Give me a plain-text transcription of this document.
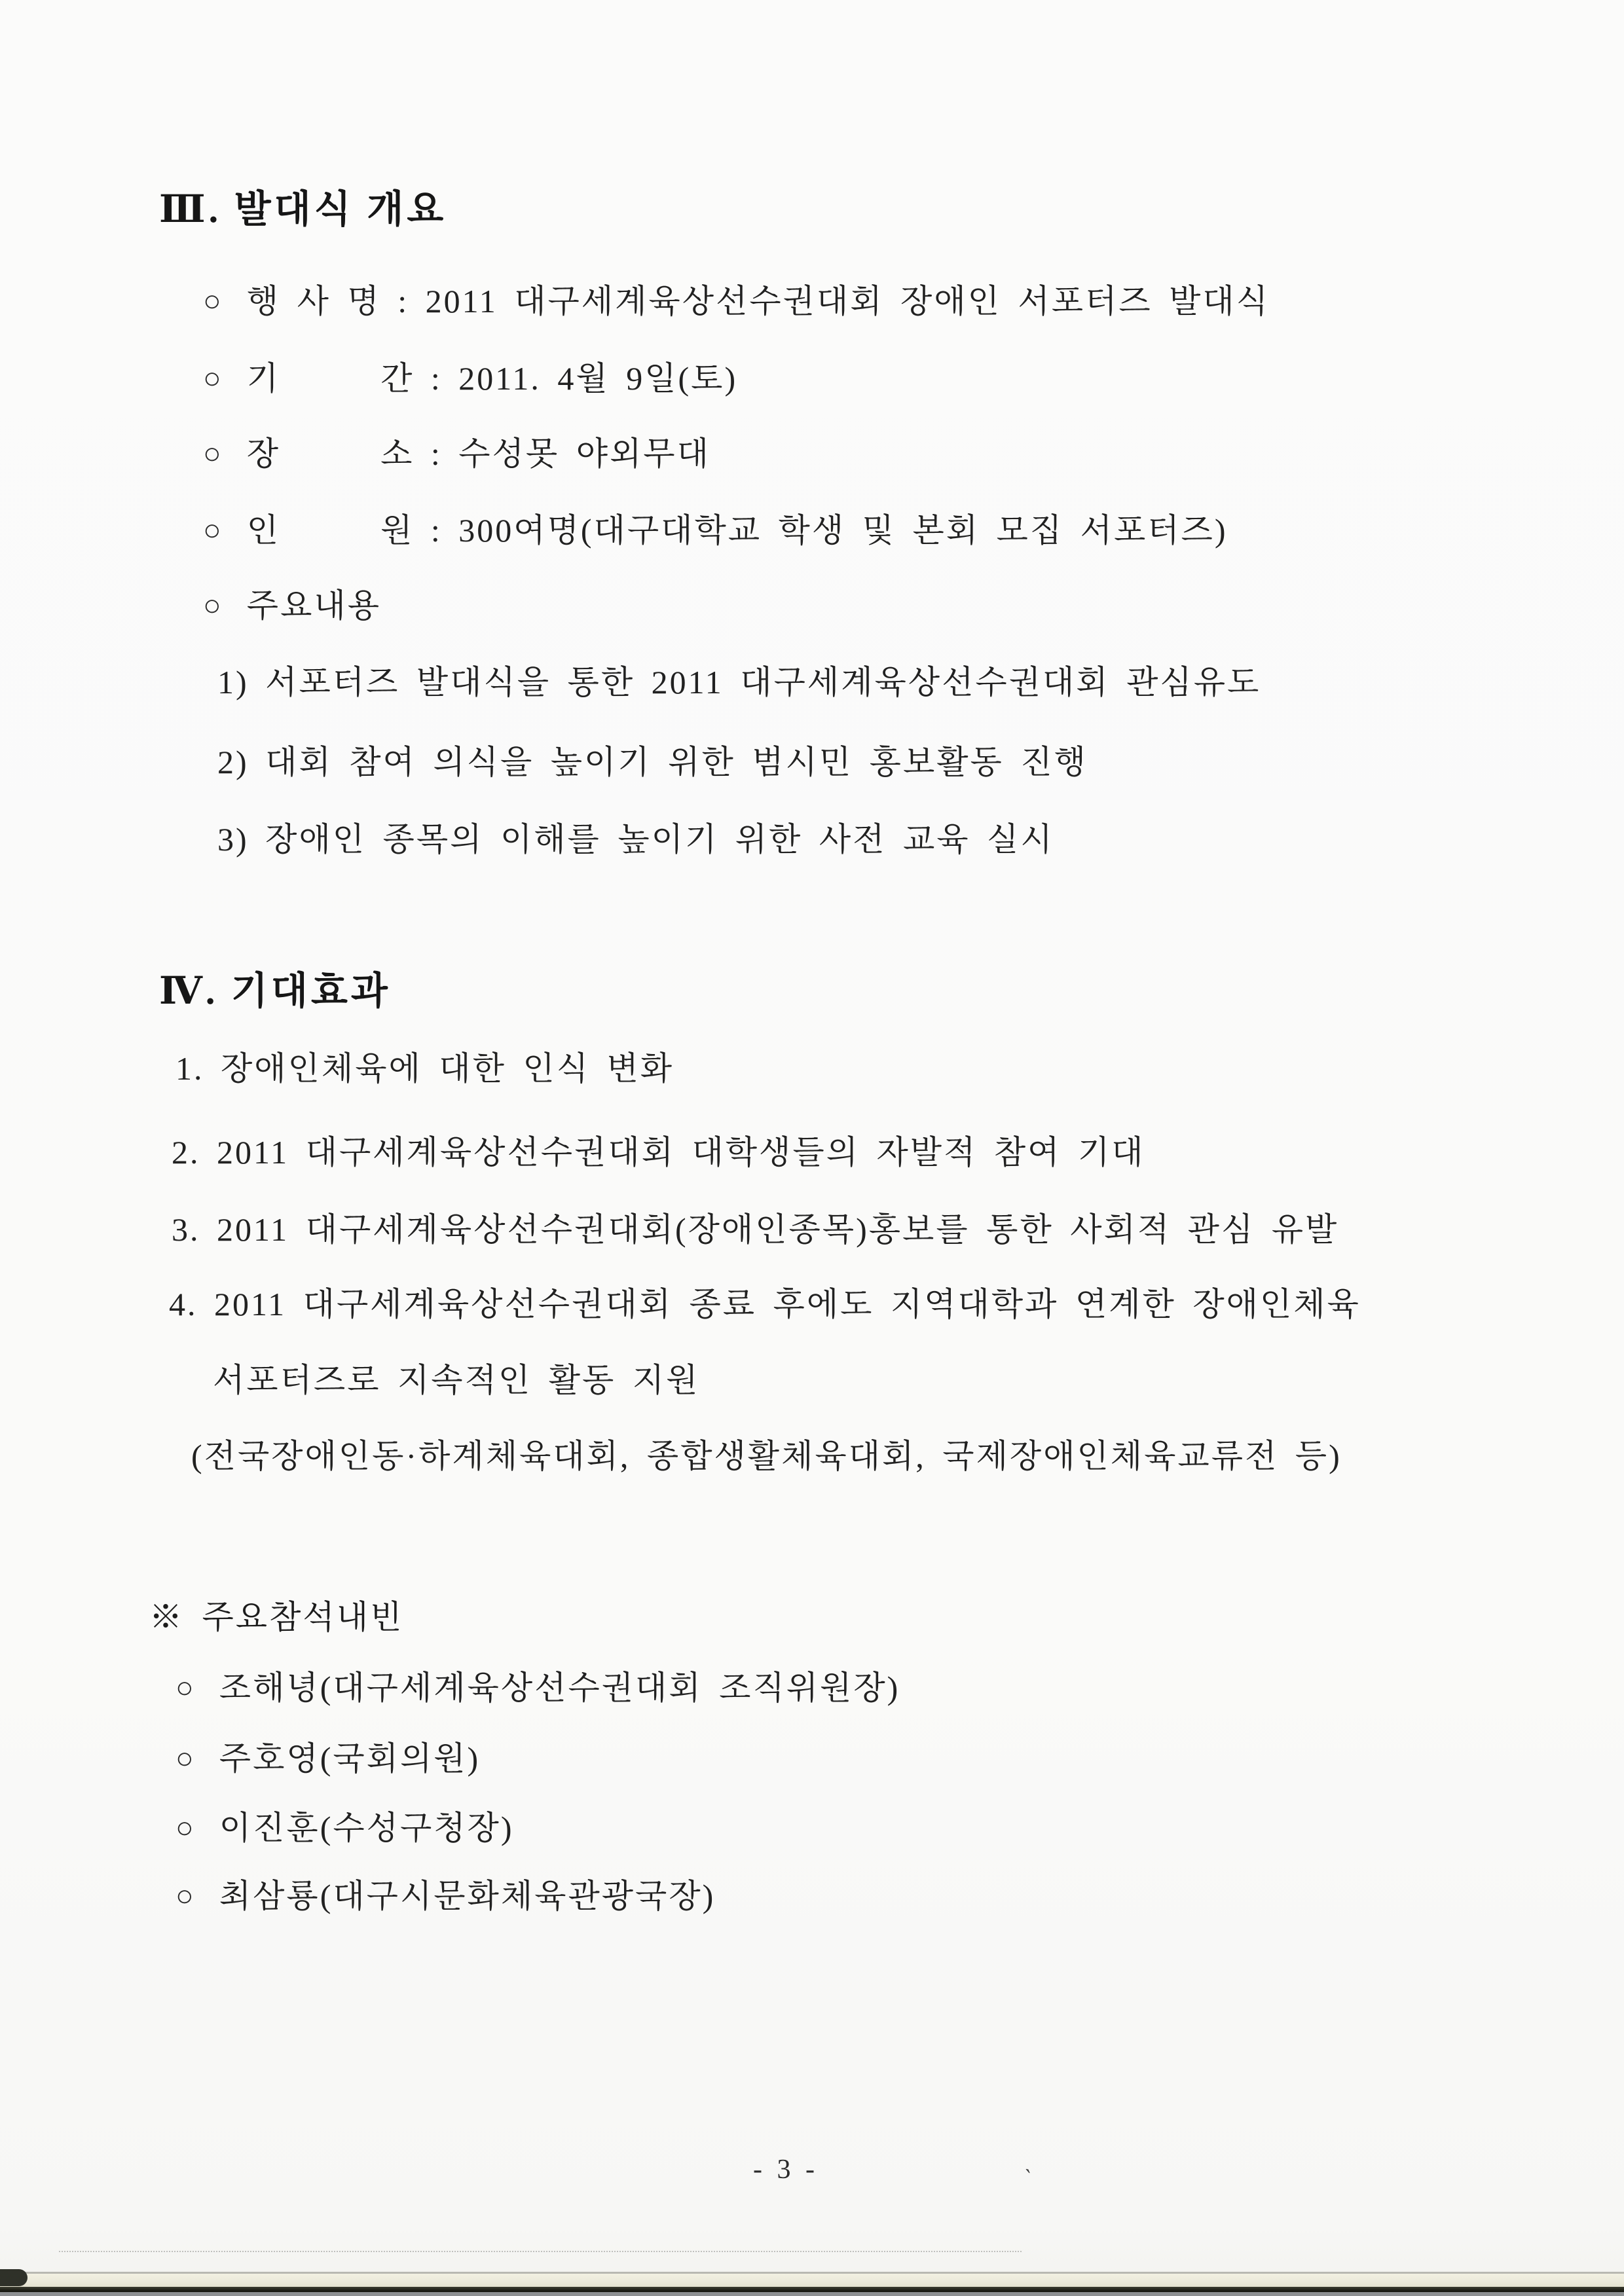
Ⅲ. 발대식 개요
○ 행 사 명 : 2011 대구세계육상선수권대회 장애인 서포터즈 발대식
○ 기      간 : 2011. 4월 9일(토)
○ 장      소 : 수성못 야외무대
○ 인      원 : 300여명(대구대학교 학생 및 본회 모집 서포터즈)
○ 주요내용
1) 서포터즈 발대식을 통한 2011 대구세계육상선수권대회 관심유도
2) 대회 참여 의식을 높이기 위한 범시민 홍보활동 진행
3) 장애인 종목의 이해를 높이기 위한 사전 교육 실시
Ⅳ. 기대효과
1. 장애인체육에 대한 인식 변화
2. 2011 대구세계육상선수권대회 대학생들의 자발적 참여 기대
3. 2011 대구세계육상선수권대회(장애인종목)홍보를 통한 사회적 관심 유발
4. 2011 대구세계육상선수권대회 종료 후에도 지역대학과 연계한 장애인체육
서포터즈로 지속적인 활동 지원
(전국장애인동·하계체육대회, 종합생활체육대회, 국제장애인체육교류전 등)
※ 주요참석내빈
○ 조해녕(대구세계육상선수권대회 조직위원장)
○ 주호영(국회의원)
○ 이진훈(수성구청장)
○ 최삼룡(대구시문화체육관광국장)
- 3 -	`
